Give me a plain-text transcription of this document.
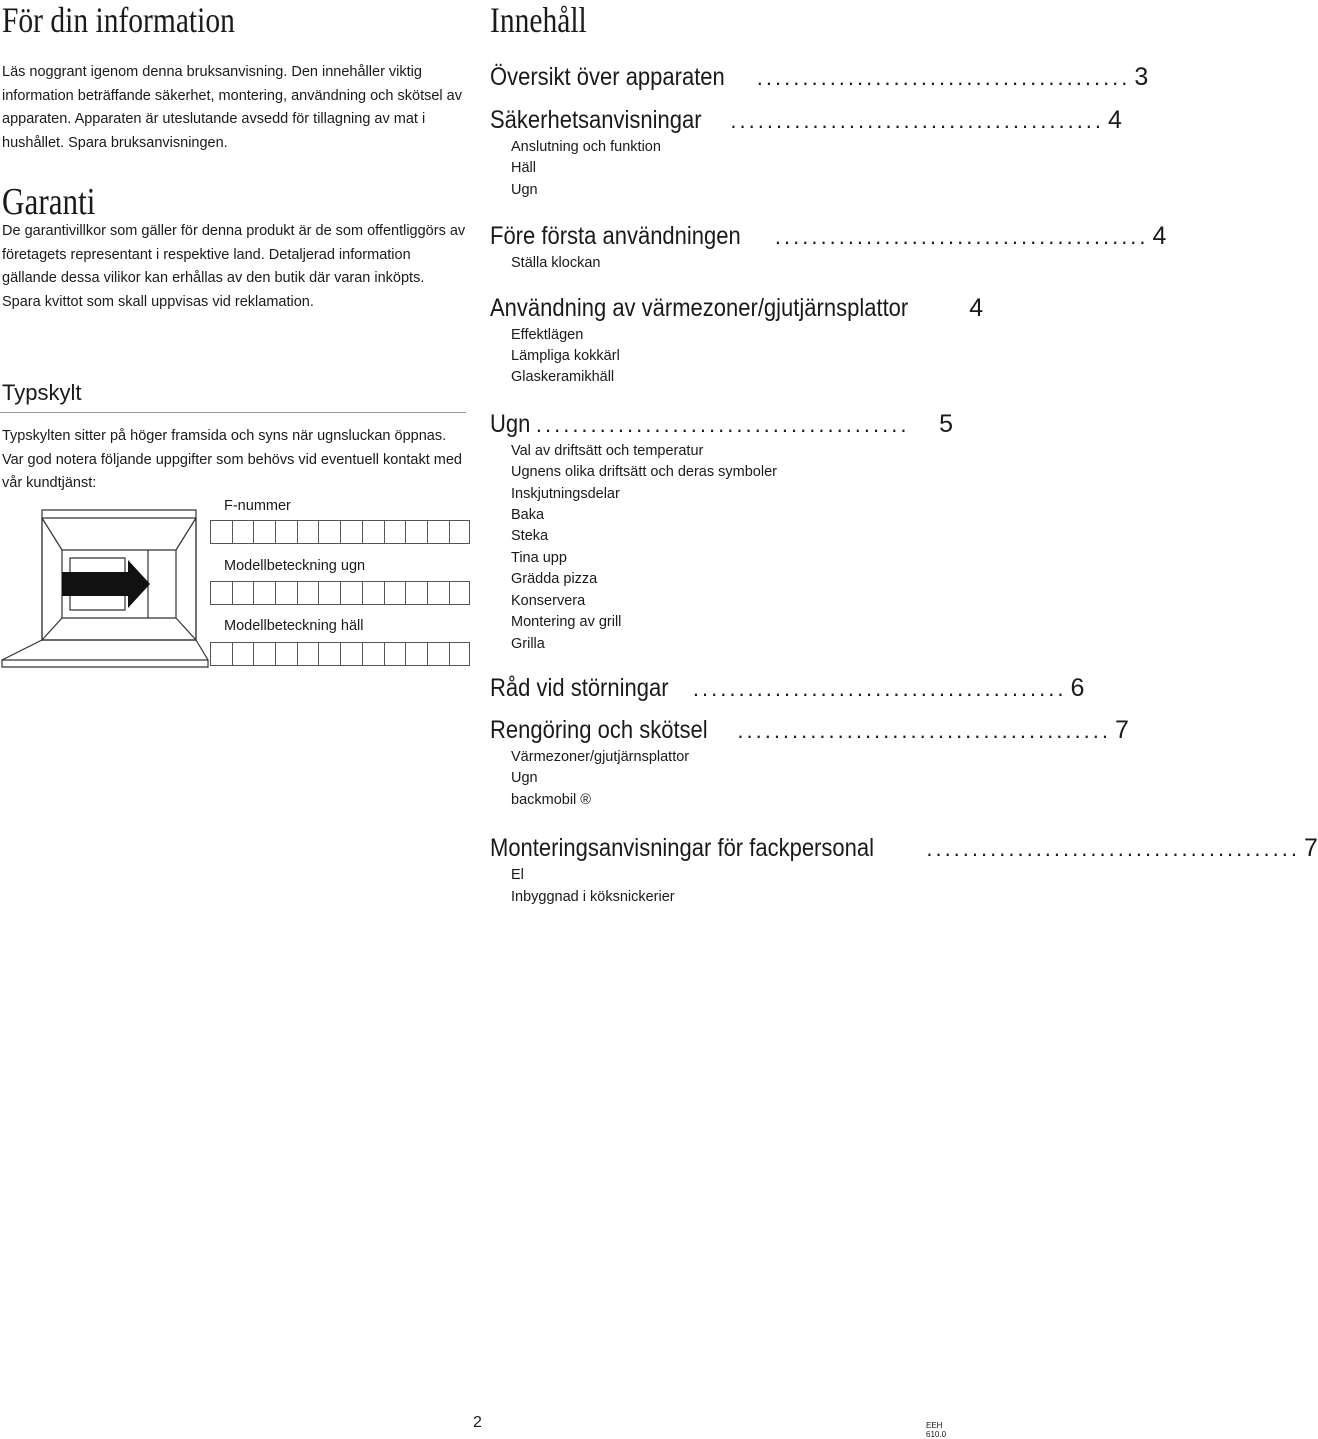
För din information

Läs noggrant igenom denna bruksanvisning. Den innehåller viktig information beträffande säkerhet, montering, användning och skötsel av apparaten. Apparaten är uteslutande avsedd för tillagning av mat i hushållet. Spara bruksanvisningen.

Garanti

De garantivillkor som gäller för denna produkt är de som offentliggörs av företagets representant i respektive land. Detaljerad information gällande dessa vilikor kan erhållas av den butik där varan inköpts. Spara kvittot som skall uppvisas vid reklamation.

Typskylt

Typskylten sitter på höger framsida och syns när ugnsluckan öppnas. Var god notera följande uppgifter som behövs vid eventuell kontakt med vår kundtjänst:

F-nummer
Modellbeteckning ugn
Modellbeteckning häll
Innehåll
Översikt över apparaten ......................................... 3
Säkerhetsanvisningar ......................................... 4
Anslutning och funktion
Häll
Ugn
Före första användningen ......................................... 4
Ställa klockan
Användning av värmezoner/gjutjärnsplattor 4
Effektlägen
Lämpliga kokkärl
Glaskeramikhäll
Ugn .........................................	5
Val av driftsätt och temperatur
Ugnens olika driftsätt och deras symboler
Inskjutningsdelar
Baka
Steka
Tina upp
Grädda pizza
Konservera
Montering av grill
Grilla
Råd vid störningar ......................................... 6
Rengöring och skötsel ......................................... 7
Värmezoner/gjutjärnsplattor
Ugn
backmobil ®
Monteringsanvisningar för fackpersonal ......................................... 7
El
Inbyggnad i köksnickerier
2	EEH 610.0
